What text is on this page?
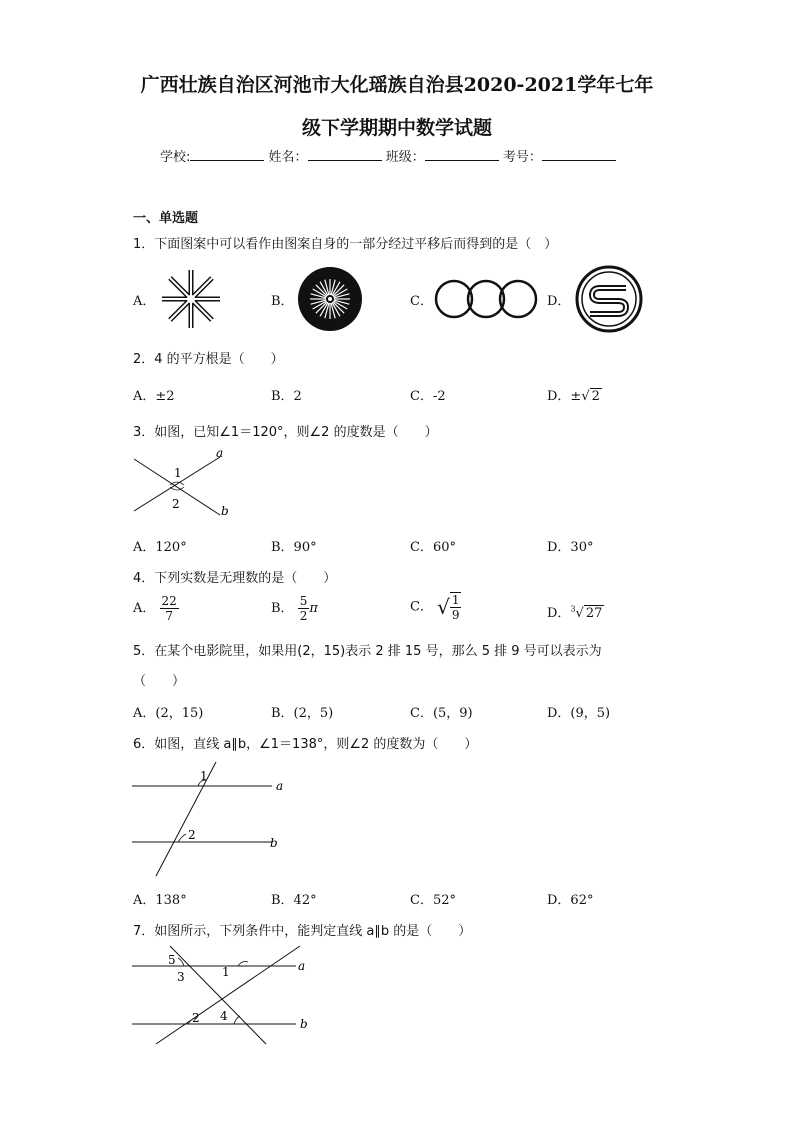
广西壮族自治区河池市大化瑶族自治县2020-2021学年七年
级下学期期中数学试题
学校:	姓名：	班级：	考号：
一、单选题
1．下面图案中可以看作由图案自身的一部分经过平移后而得到的是（　）
A．	B．	C．	D．
2．4 的平方根是（　　）
A．±2	B．2	C．-2	D．±√ 2
3．如图，已知∠1＝120°，则∠2 的度数是（　　）
1
2
a
b
A．120°	B．90°	C．60°	D．30°
4．下列实数是无理数的是（　　）
A． $\frac{22}{7}$	B． $\frac{5}{2}$ π	C． √ $\frac{1}{9}$	D．$^3$√ 27
5．在某个电影院里，如果用(2，15)表示 2 排 15 号，那么 5 排 9 号可以表示为
（　　）
A．(2，15)	B．(2，5)	C．(5，9)	D．(9，5)
6．如图，直线 a∥b，∠1＝138°，则∠2 的度数为（　　）
1
2
a
b
A．138°	B．42°	C．52°	D．62°
7．如图所示，下列条件中，能判定直线 a∥b 的是（　　）
5
3	1
2 4
a
b
